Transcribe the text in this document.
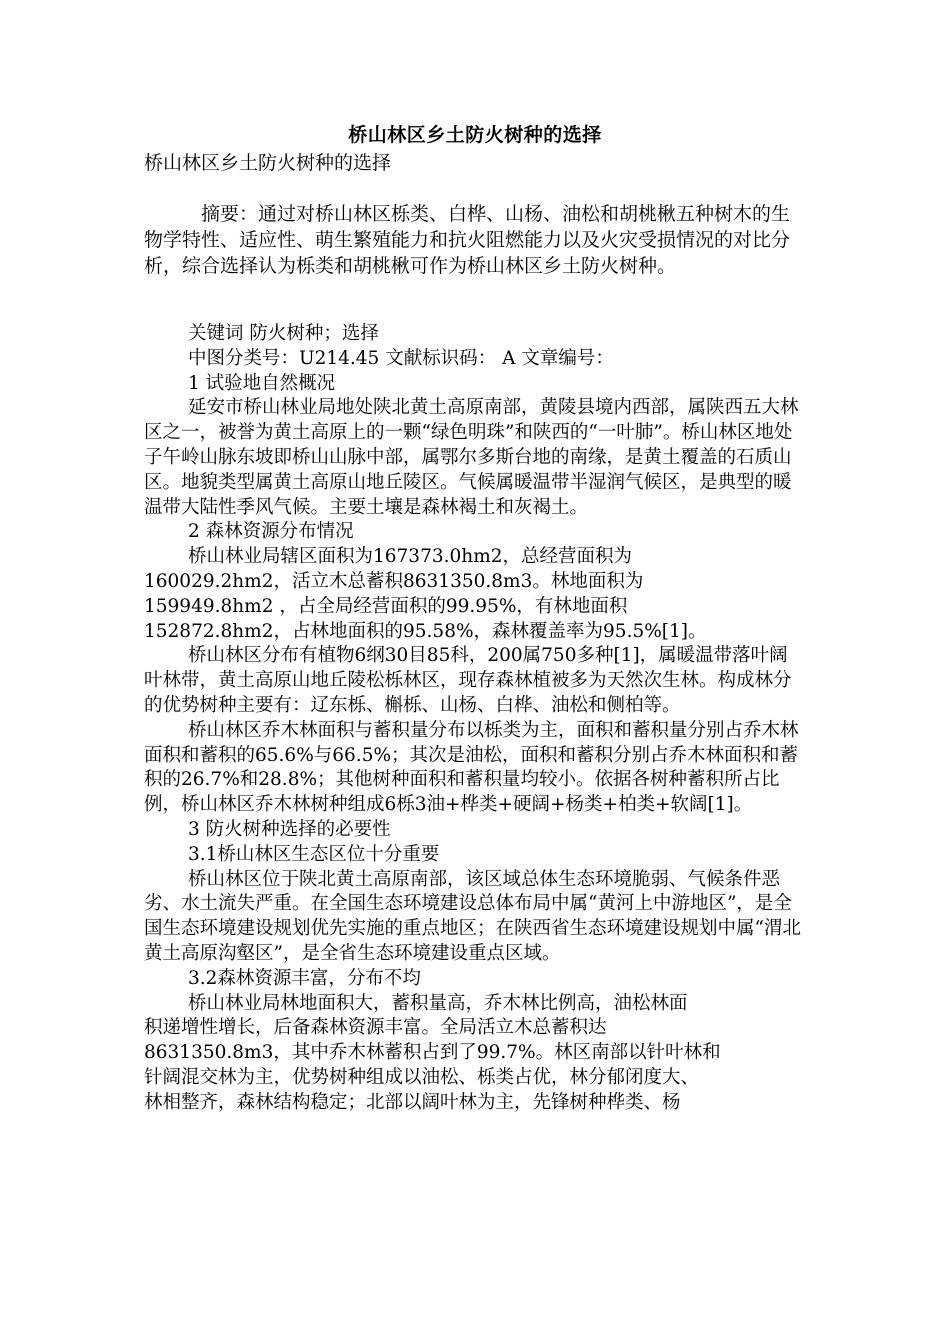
桥山林区乡土防火树种的选择
桥山林区乡土防火树种的选择

摘要：通过对桥山林区栎类、白桦、山杨、油松和胡桃楸五种树木的生物学特性、适应性、萌生繁殖能力和抗火阻燃能力以及火灾受损情况的对比分析，综合选择认为栎类和胡桃楸可作为桥山林区乡土防火树种。

关键词 防火树种；选择
中图分类号：U214.45 文献标识码： A 文章编号：
1 试验地自然概况

延安市桥山林业局地处陕北黄土高原南部，黄陵县境内西部，属陕西五大林区之一，被誉为黄土高原上的一颗“绿色明珠”和陕西的“一叶肺”。桥山林区地处子午岭山脉东坡即桥山山脉中部，属鄂尔多斯台地的南缘，是黄土覆盖的石质山区。地貌类型属黄土高原山地丘陵区。气候属暖温带半湿润气候区，是典型的暖温带大陆性季风气候。主要土壤是森林褐土和灰褐土。

2 森林资源分布情况
桥山林业局辖区面积为167373.0hm2，总经营面积为
160029.2hm2，活立木总蓄积8631350.8m3。林地面积为
159949.8hm2 ，占全局经营面积的99.95%，有林地面积
152872.8hm2，占林地面积的95.58%，森林覆盖率为95.5%[1]。

桥山林区分布有植物6纲30目85科，200属750多种[1]，属暖温带落叶阔叶林带，黄土高原山地丘陵松栎林区，现存森林植被多为天然次生林。构成林分的优势树种主要有：辽东栎、槲栎、山杨、白桦、油松和侧柏等。

桥山林区乔木林面积与蓄积量分布以栎类为主，面积和蓄积量分别占乔木林面积和蓄积的65.6%与66.5%；其次是油松，面积和蓄积分别占乔木林面积和蓄积的26.7%和28.8%；其他树种面积和蓄积量均较小。依据各树种蓄积所占比例，桥山林区乔木林树种组成6栎3油+桦类+硬阔+杨类+柏类+软阔[1]。

3 防火树种选择的必要性
3.1桥山林区生态区位十分重要

桥山林区位于陕北黄土高原南部，该区域总体生态环境脆弱、气候条件恶劣、水土流失严重。在全国生态环境建设总体布局中属“黄河上中游地区”，是全国生态环境建设规划优先实施的重点地区；在陕西省生态环境建设规划中属“渭北黄土高原沟壑区”，是全省生态环境建设重点区域。

3.2森林资源丰富，分布不均
桥山林业局林地面积大，蓄积量高，乔木林比例高，油松林面
积递增性增长，后备森林资源丰富。全局活立木总蓄积达
8631350.8m3，其中乔木林蓄积占到了99.7%。林区南部以针叶林和
针阔混交林为主，优势树种组成以油松、栎类占优，林分郁闭度大、
林相整齐，森林结构稳定；北部以阔叶林为主，先锋树种桦类、杨
